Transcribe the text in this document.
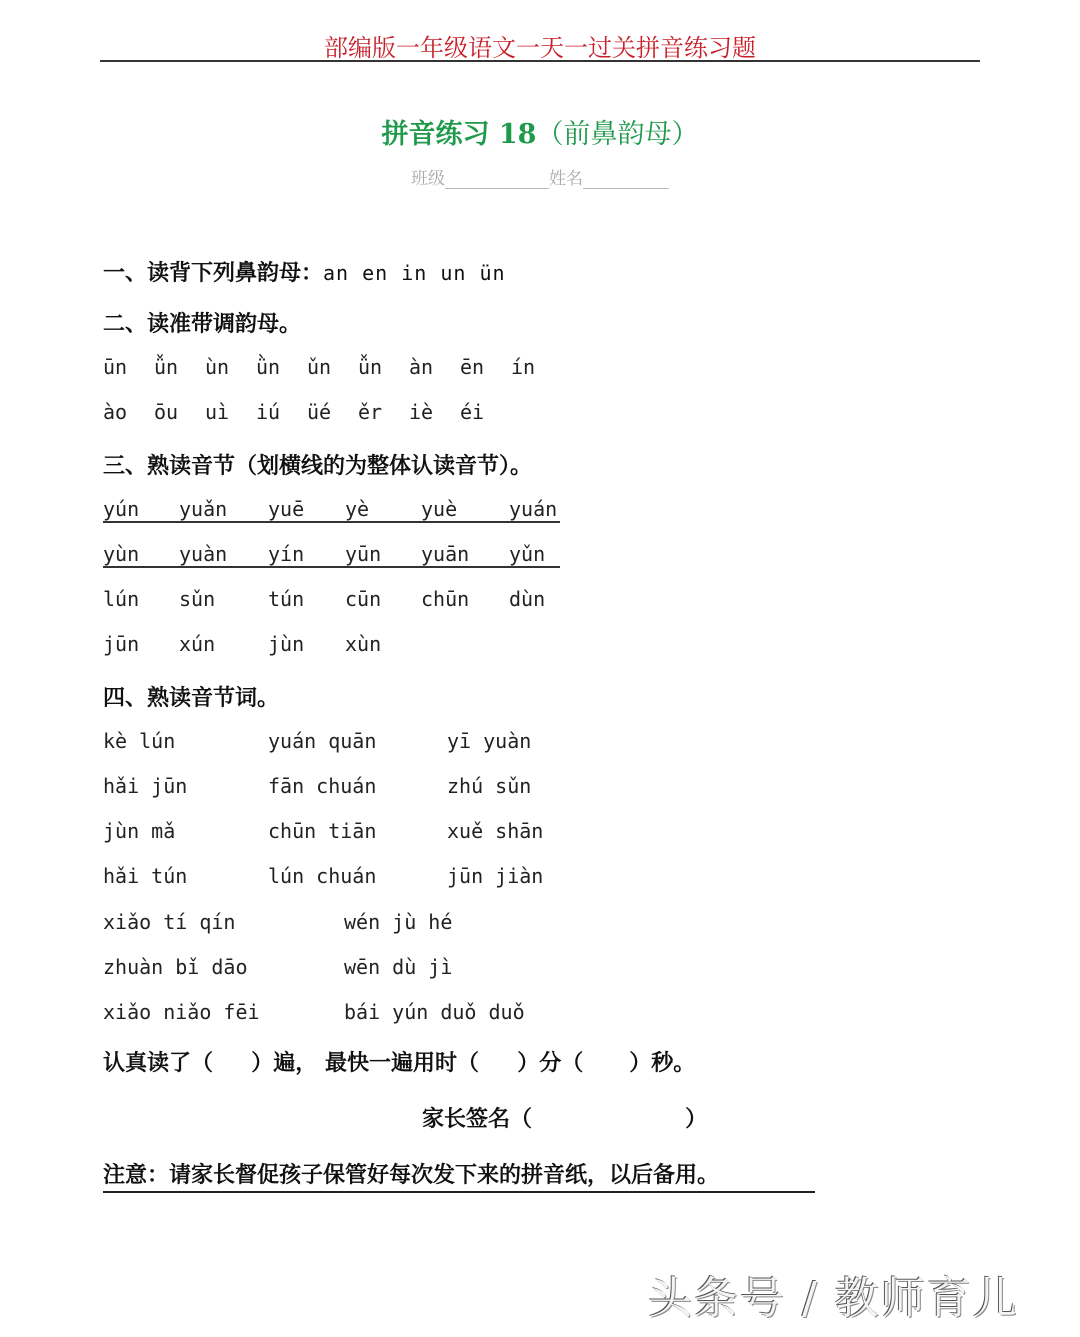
部编版一年级语文一天一过关拼音练习题
拼音练习 18（前鼻韵母）
班级	姓名
一、读背下列鼻韵母：an en in un ün
二、读准带调韵母。
ūn ǚn ùn ǜn ǔn ǚn àn ēn ín
ào ōu uì iú üé ěr iè éi
三、熟读音节（划横线的为整体认读音节）。
yún yuǎn yuē yè	yuè	yuán
yùn yuàn yín yūn yuān yǔn
lún sǔn	tún cūn chūn dùn
jūn xún	jùn xùn
四、熟读音节词。
kè lún	yuán quān	yī yuàn
hǎi jūn	fān chuán	zhú sǔn
jùn mǎ	chūn tiān	xuě shān
hǎi tún	lún chuán	jūn jiàn
xiǎo tí qín	wén jù hé
zhuàn bǐ dāo	wēn dù jì
xiǎo niǎo fēi	bái yún duǒ duǒ
认真读了（     ）遍， 最快一遍用时（     ）分（      ）秒。
家长签名（                    ）
注意：请家长督促孩子保管好每次发下来的拼音纸，以后备用。
头条号 / 教师育儿
